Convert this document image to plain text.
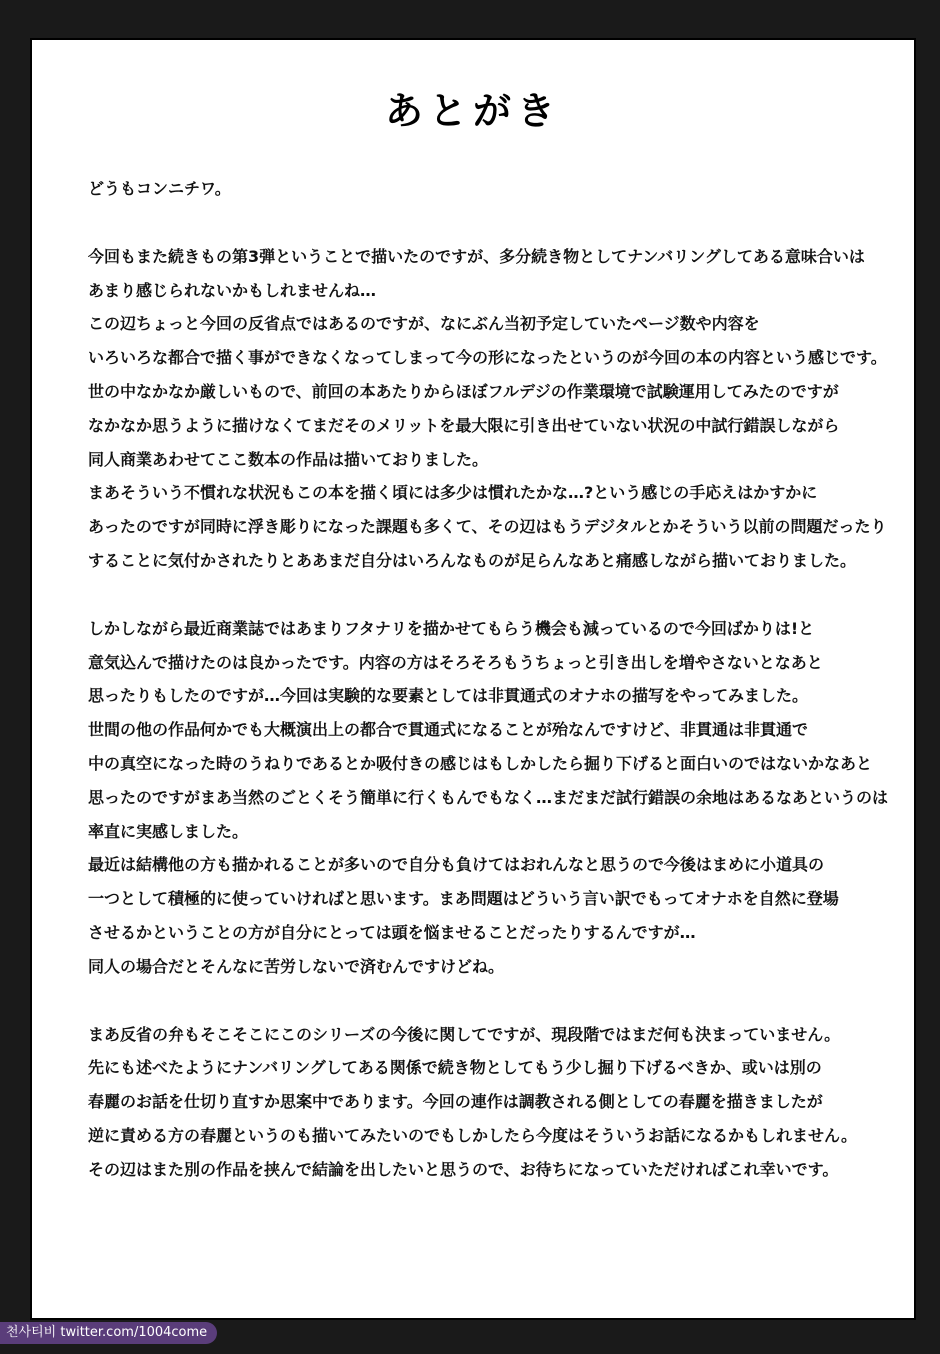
あとがき
どうもコンニチワ。
今回もまた続きもの第3弾ということで描いたのですが、多分続き物としてナンバリングしてある意味合いは
あまり感じられないかもしれませんね…
この辺ちょっと今回の反省点ではあるのですが、なにぶん当初予定していたページ数や内容を
いろいろな都合で描く事ができなくなってしまって今の形になったというのが今回の本の内容という感じです。
世の中なかなか厳しいもので、前回の本あたりからほぼフルデジの作業環境で試験運用してみたのですが
なかなか思うように描けなくてまだそのメリットを最大限に引き出せていない状況の中試行錯誤しながら
同人商業あわせてここ数本の作品は描いておりました。
まあそういう不慣れな状況もこの本を描く頃には多少は慣れたかな…?という感じの手応えはかすかに
あったのですが同時に浮き彫りになった課題も多くて、その辺はもうデジタルとかそういう以前の問題だったり
することに気付かされたりとああまだ自分はいろんなものが足らんなあと痛感しながら描いておりました。
しかしながら最近商業誌ではあまりフタナリを描かせてもらう機会も減っているので今回ばかりは!と
意気込んで描けたのは良かったです。内容の方はそろそろもうちょっと引き出しを増やさないとなあと
思ったりもしたのですが…今回は実験的な要素としては非貫通式のオナホの描写をやってみました。
世間の他の作品何かでも大概演出上の都合で貫通式になることが殆なんですけど、非貫通は非貫通で
中の真空になった時のうねりであるとか吸付きの感じはもしかしたら掘り下げると面白いのではないかなあと
思ったのですがまあ当然のごとくそう簡単に行くもんでもなく…まだまだ試行錯誤の余地はあるなあというのは
率直に実感しました。
最近は結構他の方も描かれることが多いので自分も負けてはおれんなと思うので今後はまめに小道具の
一つとして積極的に使っていければと思います。まあ問題はどういう言い訳でもってオナホを自然に登場
させるかということの方が自分にとっては頭を悩ませることだったりするんですが…
同人の場合だとそんなに苦労しないで済むんですけどね。
まあ反省の弁もそこそこにこのシリーズの今後に関してですが、現段階ではまだ何も決まっていません。
先にも述べたようにナンバリングしてある関係で続き物としてもう少し掘り下げるべきか、或いは別の
春麗のお話を仕切り直すか思案中であります。今回の連作は調教される側としての春麗を描きましたが
逆に責める方の春麗というのも描いてみたいのでもしかしたら今度はそういうお話になるかもしれません。
その辺はまた別の作品を挟んで結論を出したいと思うので、お待ちになっていただければこれ幸いです。
천사티비 twitter.com/1004come
